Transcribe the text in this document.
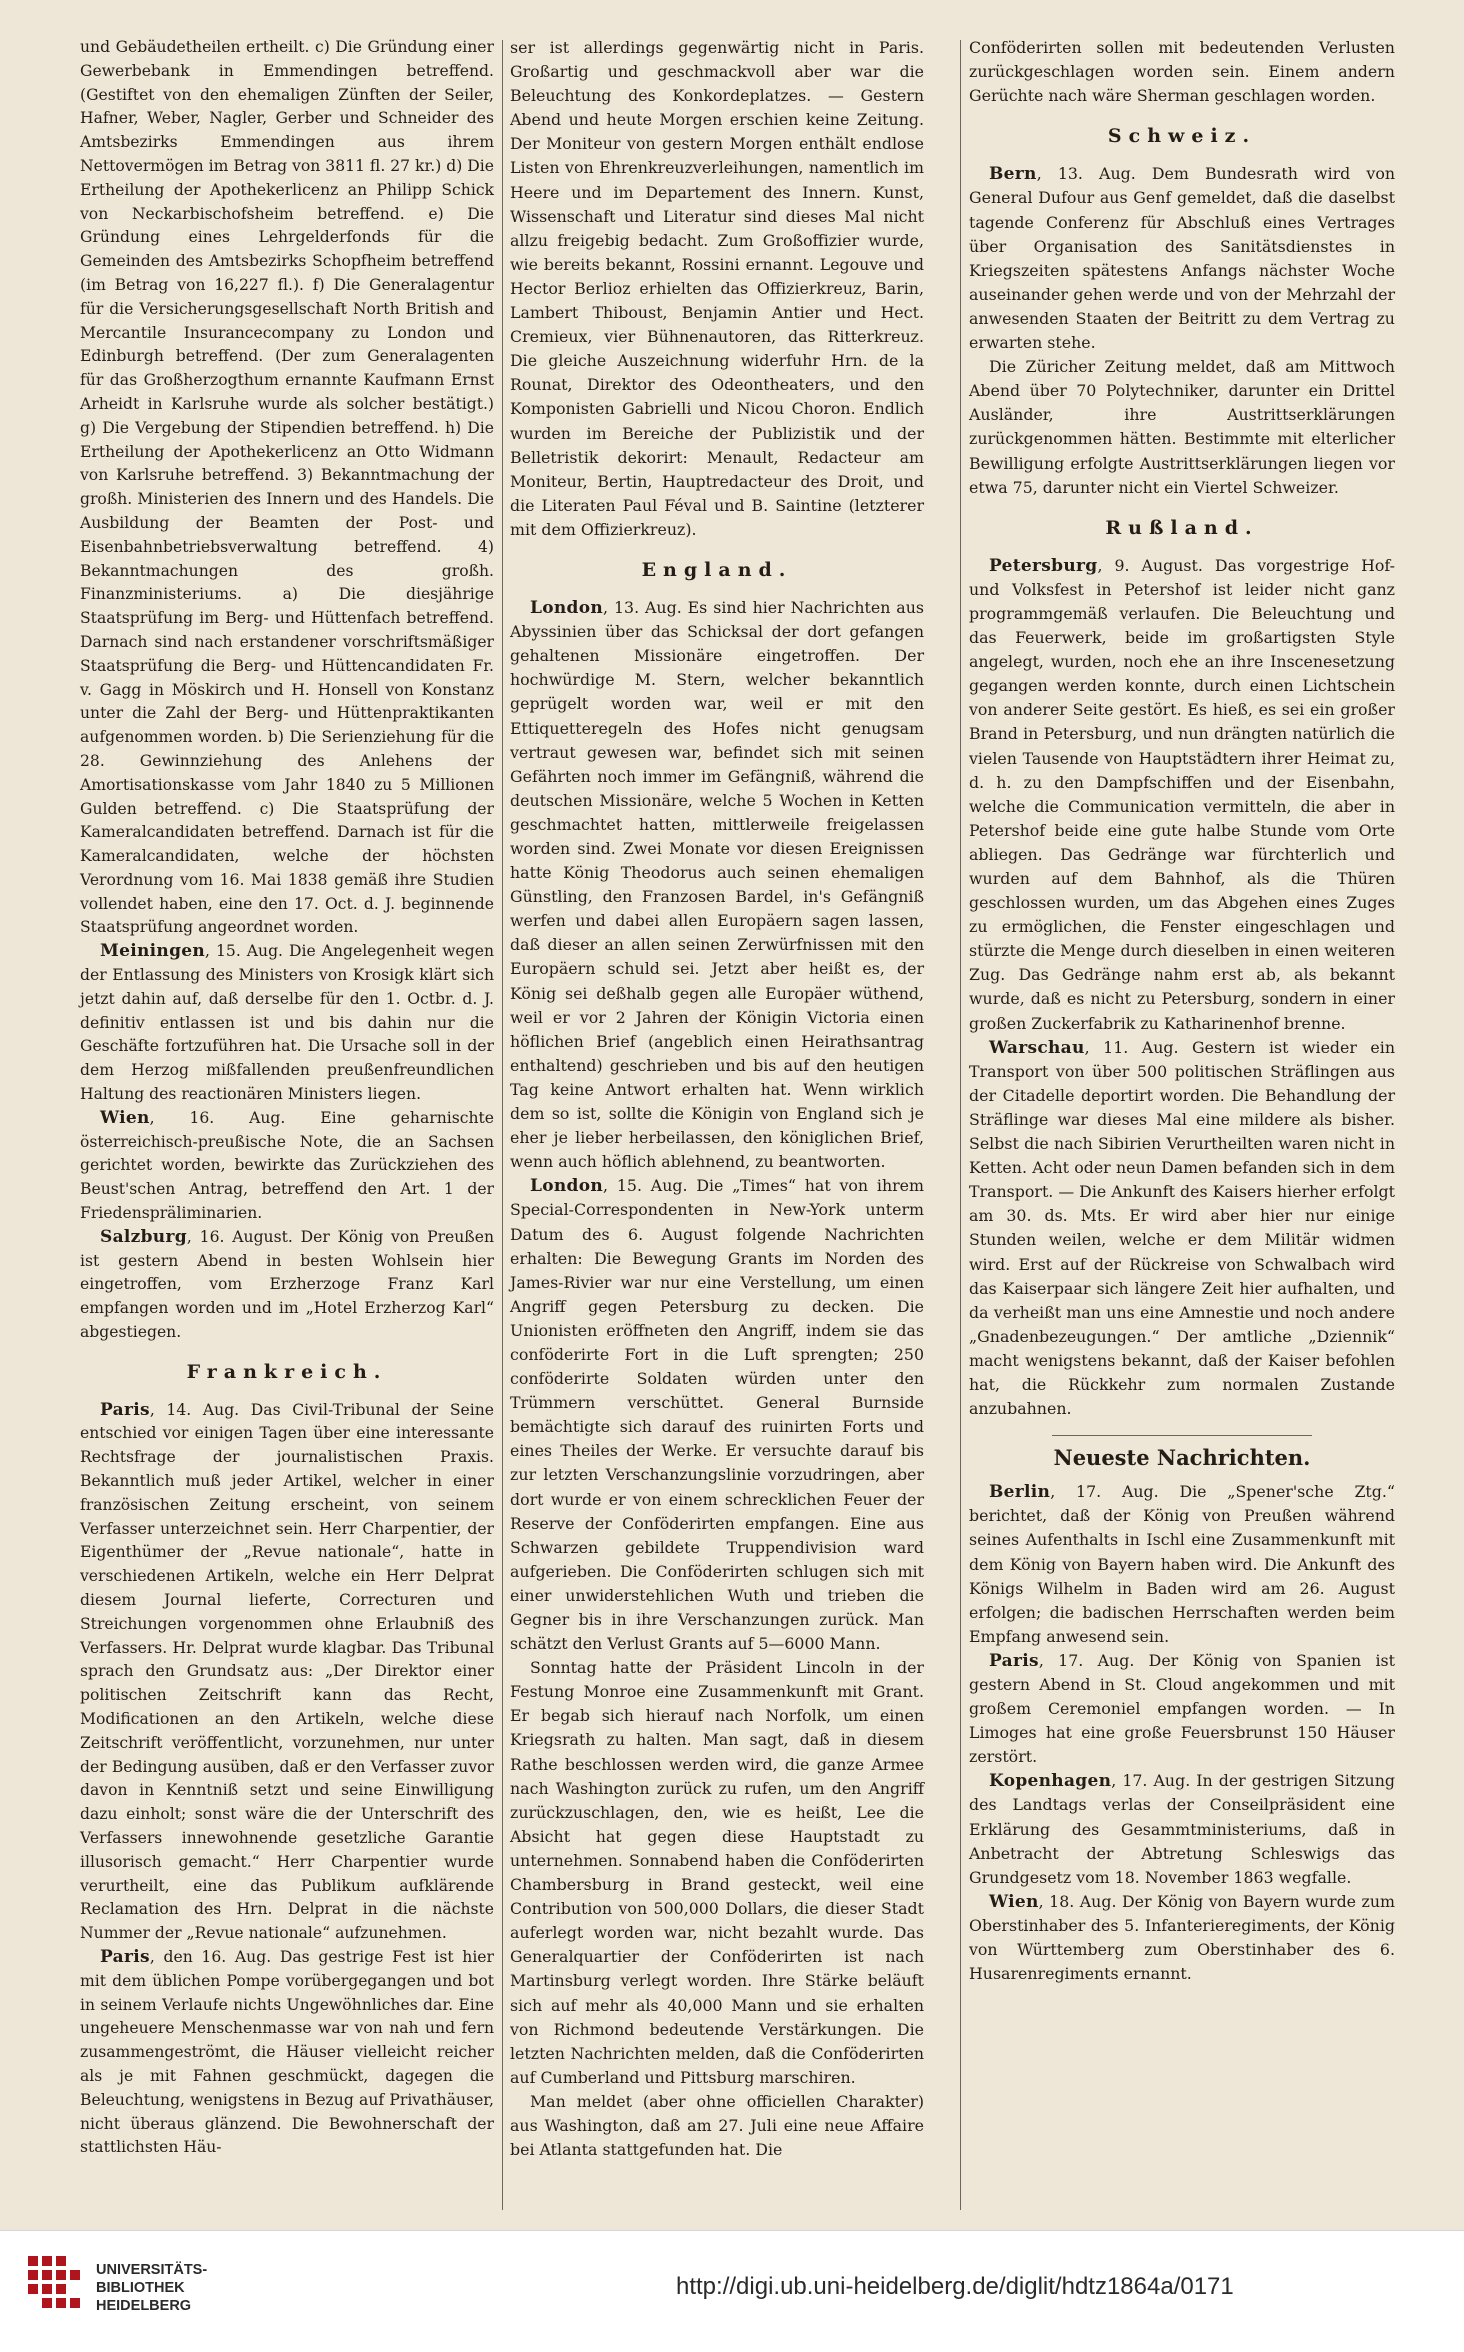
und Gebäudetheilen ertheilt. c) Die Gründung einer Gewerbebank in Emmendingen betreffend. (Gestiftet von den ehemaligen Zünften der Seiler, Hafner, Weber, Nagler, Gerber und Schneider des Amtsbezirks Emmendingen aus ihrem Nettovermögen im Betrag von 3811 fl. 27 kr.) d) Die Ertheilung der Apothekerlicenz an Philipp Schick von Neckarbischofsheim betreffend. e) Die Gründung eines Lehrgelderfonds für die Gemeinden des Amtsbezirks Schopfheim betreffend (im Betrag von 16,227 fl.). f) Die Generalagentur für die Versicherungsgesellschaft North British and Mercantile Insurancecompany zu London und Edinburgh betreffend. (Der zum Generalagenten für das Großherzogthum ernannte Kaufmann Ernst Arheidt in Karlsruhe wurde als solcher bestätigt.) g) Die Vergebung der Stipendien betreffend. h) Die Ertheilung der Apothekerlicenz an Otto Widmann von Karlsruhe betreffend. 3) Bekanntmachung der großh. Ministerien des Innern und des Handels. Die Ausbildung der Beamten der Post- und Eisenbahnbetriebsverwaltung betreffend. 4) Bekanntmachungen des großh. Finanzministeriums. a) Die diesjährige Staatsprüfung im Berg- und Hüttenfach betreffend. Darnach sind nach erstandener vorschriftsmäßiger Staatsprüfung die Berg- und Hüttencandidaten Fr. v. Gagg in Möskirch und H. Honsell von Konstanz unter die Zahl der Berg- und Hüttenpraktikanten aufgenommen worden. b) Die Serienziehung für die 28. Gewinnziehung des Anlehens der Amortisationskasse vom Jahr 1840 zu 5 Millionen Gulden betreffend. c) Die Staatsprüfung der Kameralcandidaten betreffend. Darnach ist für die Kameralcandidaten, welche der höchsten Verordnung vom 16. Mai 1838 gemäß ihre Studien vollendet haben, eine den 17. Oct. d. J. beginnende Staatsprüfung angeordnet worden.

Meiningen, 15. Aug. Die Angelegenheit wegen der Entlassung des Ministers von Krosigk klärt sich jetzt dahin auf, daß derselbe für den 1. Octbr. d. J. definitiv entlassen ist und bis dahin nur die Geschäfte fortzuführen hat. Die Ursache soll in der dem Herzog mißfallenden preußenfreundlichen Haltung des reactionären Ministers liegen.

Wien, 16. Aug. Eine geharnischte österreichisch-preußische Note, die an Sachsen gerichtet worden, bewirkte das Zurückziehen des Beust'schen Antrag, betreffend den Art. 1 der Friedenspräliminarien.

Salzburg, 16. August. Der König von Preußen ist gestern Abend in besten Wohlsein hier eingetroffen, vom Erzherzoge Franz Karl empfangen worden und im „Hotel Erzherzog Karl“ abgestiegen.

Frankreich.

Paris, 14. Aug. Das Civil-Tribunal der Seine entschied vor einigen Tagen über eine interessante Rechtsfrage der journalistischen Praxis. Bekanntlich muß jeder Artikel, welcher in einer französischen Zeitung erscheint, von seinem Verfasser unterzeichnet sein. Herr Charpentier, der Eigenthümer der „Revue nationale“, hatte in verschiedenen Artikeln, welche ein Herr Delprat diesem Journal lieferte, Correcturen und Streichungen vorgenommen ohne Erlaubniß des Verfassers. Hr. Delprat wurde klagbar. Das Tribunal sprach den Grundsatz aus: „Der Direktor einer politischen Zeitschrift kann das Recht, Modificationen an den Artikeln, welche diese Zeitschrift veröffentlicht, vorzunehmen, nur unter der Bedingung ausüben, daß er den Verfasser zuvor davon in Kenntniß setzt und seine Einwilligung dazu einholt; sonst wäre die der Unterschrift des Verfassers innewohnende gesetzliche Garantie illusorisch gemacht.“ Herr Charpentier wurde verurtheilt, eine das Publikum aufklärende Reclamation des Hrn. Delprat in die nächste Nummer der „Revue nationale“ aufzunehmen.

Paris, den 16. Aug. Das gestrige Fest ist hier mit dem üblichen Pompe vorübergegangen und bot in seinem Verlaufe nichts Ungewöhnliches dar. Eine ungeheuere Menschenmasse war von nah und fern zusammengeströmt, die Häuser vielleicht reicher als je mit Fahnen geschmückt, dagegen die Beleuchtung, wenigstens in Bezug auf Privathäuser, nicht überaus glänzend. Die Bewohnerschaft der stattlichsten Häu-

ser ist allerdings gegenwärtig nicht in Paris. Großartig und geschmackvoll aber war die Beleuchtung des Konkordeplatzes. — Gestern Abend und heute Morgen erschien keine Zeitung. Der Moniteur von gestern Morgen enthält endlose Listen von Ehrenkreuzverleihungen, namentlich im Heere und im Departement des Innern. Kunst, Wissenschaft und Literatur sind dieses Mal nicht allzu freigebig bedacht. Zum Großoffizier wurde, wie bereits bekannt, Rossini ernannt. Legouve und Hector Berlioz erhielten das Offizierkreuz, Barin, Lambert Thiboust, Benjamin Antier und Hect. Cremieux, vier Bühnenautoren, das Ritterkreuz. Die gleiche Auszeichnung widerfuhr Hrn. de la Rounat, Direktor des Odeontheaters, und den Komponisten Gabrielli und Nicou Choron. Endlich wurden im Bereiche der Publizistik und der Belletristik dekorirt: Menault, Redacteur am Moniteur, Bertin, Hauptredacteur des Droit, und die Literaten Paul Féval und B. Saintine (letzterer mit dem Offizierkreuz).

England.

London, 13. Aug. Es sind hier Nachrichten aus Abyssinien über das Schicksal der dort gefangen gehaltenen Missionäre eingetroffen. Der hochwürdige M. Stern, welcher bekanntlich geprügelt worden war, weil er mit den Ettiquetteregeln des Hofes nicht genugsam vertraut gewesen war, befindet sich mit seinen Gefährten noch immer im Gefängniß, während die deutschen Missionäre, welche 5 Wochen in Ketten geschmachtet hatten, mittlerweile freigelassen worden sind. Zwei Monate vor diesen Ereignissen hatte König Theodorus auch seinen ehemaligen Günstling, den Franzosen Bardel, in's Gefängniß werfen und dabei allen Europäern sagen lassen, daß dieser an allen seinen Zerwürfnissen mit den Europäern schuld sei. Jetzt aber heißt es, der König sei deßhalb gegen alle Europäer wüthend, weil er vor 2 Jahren der Königin Victoria einen höflichen Brief (angeblich einen Heirathsantrag enthaltend) geschrieben und bis auf den heutigen Tag keine Antwort erhalten hat. Wenn wirklich dem so ist, sollte die Königin von England sich je eher je lieber herbeilassen, den königlichen Brief, wenn auch höflich ablehnend, zu beantworten.

London, 15. Aug. Die „Times“ hat von ihrem Special-Correspondenten in New-York unterm Datum des 6. August folgende Nachrichten erhalten: Die Bewegung Grants im Norden des James-Rivier war nur eine Verstellung, um einen Angriff gegen Petersburg zu decken. Die Unionisten eröffneten den Angriff, indem sie das conföderirte Fort in die Luft sprengten; 250 conföderirte Soldaten würden unter den Trümmern verschüttet. General Burnside bemächtigte sich darauf des ruinirten Forts und eines Theiles der Werke. Er versuchte darauf bis zur letzten Verschanzungslinie vorzudringen, aber dort wurde er von einem schrecklichen Feuer der Reserve der Conföderirten empfangen. Eine aus Schwarzen gebildete Truppendivision ward aufgerieben. Die Conföderirten schlugen sich mit einer unwiderstehlichen Wuth und trieben die Gegner bis in ihre Verschanzungen zurück. Man schätzt den Verlust Grants auf 5—6000 Mann.

Sonntag hatte der Präsident Lincoln in der Festung Monroe eine Zusammenkunft mit Grant. Er begab sich hierauf nach Norfolk, um einen Kriegsrath zu halten. Man sagt, daß in diesem Rathe beschlossen werden wird, die ganze Armee nach Washington zurück zu rufen, um den Angriff zurückzuschlagen, den, wie es heißt, Lee die Absicht hat gegen diese Hauptstadt zu unternehmen. Sonnabend haben die Conföderirten Chambersburg in Brand gesteckt, weil eine Contribution von 500,000 Dollars, die dieser Stadt auferlegt worden war, nicht bezahlt wurde. Das Generalquartier der Conföderirten ist nach Martinsburg verlegt worden. Ihre Stärke beläuft sich auf mehr als 40,000 Mann und sie erhalten von Richmond bedeutende Verstärkungen. Die letzten Nachrichten melden, daß die Conföderirten auf Cumberland und Pittsburg marschiren.

Man meldet (aber ohne officiellen Charakter) aus Washington, daß am 27. Juli eine neue Affaire bei Atlanta stattgefunden hat. Die

Conföderirten sollen mit bedeutenden Verlusten zurückgeschlagen worden sein. Einem andern Gerüchte nach wäre Sherman geschlagen worden.

Schweiz.

Bern, 13. Aug. Dem Bundesrath wird von General Dufour aus Genf gemeldet, daß die daselbst tagende Conferenz für Abschluß eines Vertrages über Organisation des Sanitätsdienstes in Kriegszeiten spätestens Anfangs nächster Woche auseinander gehen werde und von der Mehrzahl der anwesenden Staaten der Beitritt zu dem Vertrag zu erwarten stehe.

Die Züricher Zeitung meldet, daß am Mittwoch Abend über 70 Polytechniker, darunter ein Drittel Ausländer, ihre Austrittserklärungen zurückgenommen hätten. Bestimmte mit elterlicher Bewilligung erfolgte Austrittserklärungen liegen vor etwa 75, darunter nicht ein Viertel Schweizer.

Rußland.

Petersburg, 9. August. Das vorgestrige Hof- und Volksfest in Petershof ist leider nicht ganz programmgemäß verlaufen. Die Beleuchtung und das Feuerwerk, beide im großartigsten Style angelegt, wurden, noch ehe an ihre Inscenesetzung gegangen werden konnte, durch einen Lichtschein von anderer Seite gestört. Es hieß, es sei ein großer Brand in Petersburg, und nun drängten natürlich die vielen Tausende von Hauptstädtern ihrer Heimat zu, d. h. zu den Dampfschiffen und der Eisenbahn, welche die Communication vermitteln, die aber in Petershof beide eine gute halbe Stunde vom Orte abliegen. Das Gedränge war fürchterlich und wurden auf dem Bahnhof, als die Thüren geschlossen wurden, um das Abgehen eines Zuges zu ermöglichen, die Fenster eingeschlagen und stürzte die Menge durch dieselben in einen weiteren Zug. Das Gedränge nahm erst ab, als bekannt wurde, daß es nicht zu Petersburg, sondern in einer großen Zuckerfabrik zu Katharinenhof brenne.

Warschau, 11. Aug. Gestern ist wieder ein Transport von über 500 politischen Sträflingen aus der Citadelle deportirt worden. Die Behandlung der Sträflinge war dieses Mal eine mildere als bisher. Selbst die nach Sibirien Verurtheilten waren nicht in Ketten. Acht oder neun Damen befanden sich in dem Transport. — Die Ankunft des Kaisers hierher erfolgt am 30. ds. Mts. Er wird aber hier nur einige Stunden weilen, welche er dem Militär widmen wird. Erst auf der Rückreise von Schwalbach wird das Kaiserpaar sich längere Zeit hier aufhalten, und da verheißt man uns eine Amnestie und noch andere „Gnadenbezeugungen.“ Der amtliche „Dziennik“ macht wenigstens bekannt, daß der Kaiser befohlen hat, die Rückkehr zum normalen Zustande anzubahnen.

Neueste Nachrichten.

Berlin, 17. Aug. Die „Spener'sche Ztg.“ berichtet, daß der König von Preußen während seines Aufenthalts in Ischl eine Zusammenkunft mit dem König von Bayern haben wird. Die Ankunft des Königs Wilhelm in Baden wird am 26. August erfolgen; die badischen Herrschaften werden beim Empfang anwesend sein.

Paris, 17. Aug. Der König von Spanien ist gestern Abend in St. Cloud angekommen und mit großem Ceremoniel empfangen worden. — In Limoges hat eine große Feuersbrunst 150 Häuser zerstört.

Kopenhagen, 17. Aug. In der gestrigen Sitzung des Landtags verlas der Conseilpräsident eine Erklärung des Gesammtministeriums, daß in Anbetracht der Abtretung Schleswigs das Grundgesetz vom 18. November 1863 wegfalle.

Wien, 18. Aug. Der König von Bayern wurde zum Oberstinhaber des 5. Infanterieregiments, der König von Württemberg zum Oberstinhaber des 6. Husarenregiments ernannt.

UNIVERSITÄTS-
BIBLIOTHEK
HEIDELBERG
http://digi.ub.uni-heidelberg.de/diglit/hdtz1864a/0171
